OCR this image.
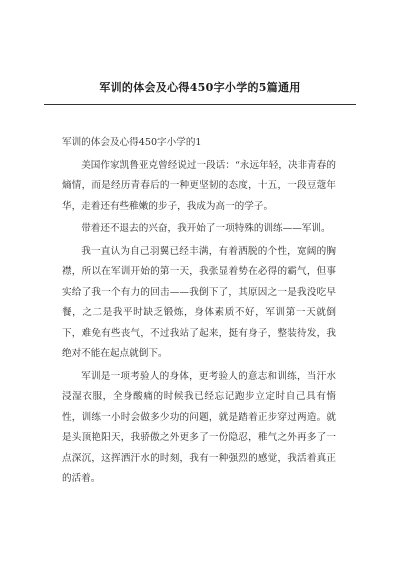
军训的体会及心得450字小学的5篇通用

军训的体会及心得450字小学的1

美国作家凯鲁亚克曾经说过一段话：“永远年轻，决非青春的熵情，而是经历青春后的一种更坚韧的态度，十五，一段豆蔻年华，走着还有些稚嫩的步子，我成为高一的学子。

带着还不退去的兴奋，我开始了一项特殊的训练——军训。

我一直认为自己羽翼已经丰满，有着洒脱的个性，宽阔的胸襟，所以在军训开始的第一天，我张显着势在必得的霸气，但事实给了我一个有力的回击——我倒下了，其原因之一是我没吃早餐，之二是我平时缺乏锻炼，身体素质不好，军训第一天就倒下，难免有些丧气，不过我站了起来，挺有身子，整装待发，我绝对不能在起点就倒下。

军训是一项考验人的身体，更考验人的意志和训练，当汗水浸湿衣服，全身酸痛的时候我已经忘记跑步立定时自己具有惰性，训练一小时会做多少功的问题，就是踏着正步穿过两造。就是头顶艳阳天，我骄傲之外更多了一份隐忍，稚气之外再多了一点深沉，这挥洒汗水的时刻，我有一种强烈的感觉，我活着真正的活着。
